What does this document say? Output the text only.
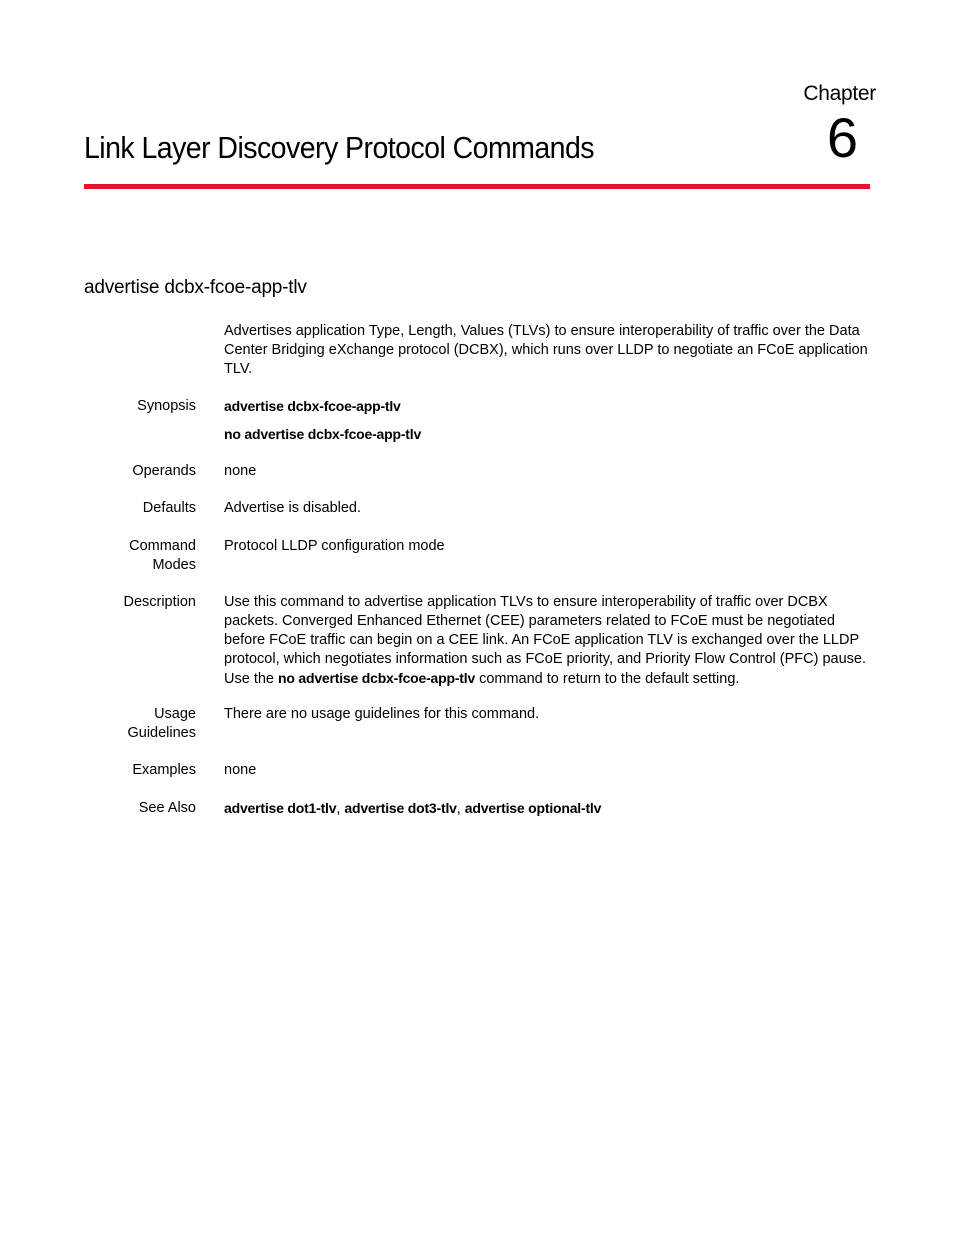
Chapter
6
Link Layer Discovery Protocol Commands
advertise dcbx-fcoe-app-tlv
Advertises application Type, Length, Values (TLVs) to ensure interoperability of traffic over the Data Center Bridging eXchange protocol (DCBX), which runs over LLDP to negotiate an FCoE application TLV.
Synopsis advertise dcbx-fcoe-app-tlv
no advertise dcbx-fcoe-app-tlv
Operands none
Defaults Advertise is disabled.
Command
Modes
Protocol LLDP configuration mode
Description Use this command to advertise application TLVs to ensure interoperability of traffic over DCBX packets. Converged Enhanced Ethernet (CEE) parameters related to FCoE must be negotiated before FCoE traffic can begin on a CEE link. An FCoE application TLV is exchanged over the LLDP protocol, which negotiates information such as FCoE priority, and Priority Flow Control (PFC) pause. Use the no advertise dcbx-fcoe-app-tlv command to return to the default setting.
Usage
Guidelines
There are no usage guidelines for this command.
Examples none
See Also advertise dot1-tlv, advertise dot3-tlv, advertise optional-tlv
